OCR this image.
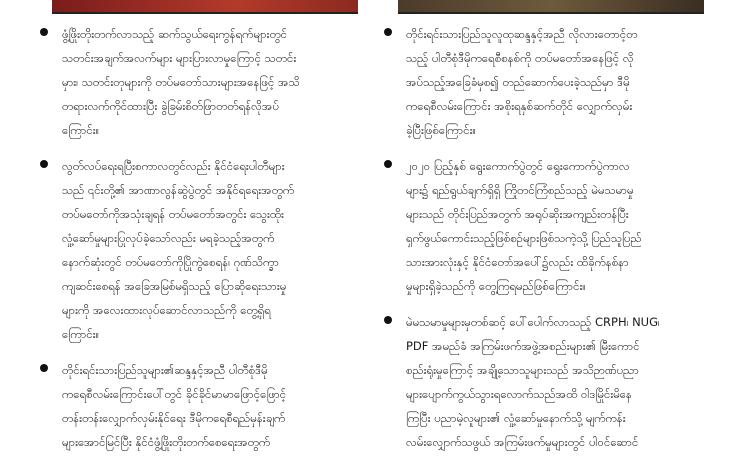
ဖွံ့ဖြိုးတိုးတက်လာသည့် ဆက်သွယ်ရေးကွန်ရက်များတွင်
သတင်းအချက်အလက်များ များပြားလာမှုကြောင့် သတင်း
မှား၊ သတင်းတုများကို တပ်မတော်သားများအနေဖြင့် အသိ
တရားလက်ကိုင်ထားပြီး ခွဲခြမ်းစိတ်ဖြာတတ်ရန်လိုအပ်
ကြောင်း။

လွတ်လပ်ရေးရပြီးစကာလတွင်လည်း နိုင်ငံရေးပါတီများ
သည် ၎င်းတို့၏ အာဏာလွန်ဆွဲပွဲတွင် အနိုင်ရရေးအတွက်
တပ်မတော်ကိုအသုံးချရန် တပ်မတော်အတွင်း သွေးထိုး
လှုံ့ဆော်မှုများပြုလုပ်ခဲ့သော်လည်း မရခဲ့သည့်အတွက်
နောက်ဆုံးတွင် တပ်မတော်ကိုပြိုကွဲစေရန်၊ ဂုဏ်သိက္ခာ
ကျဆင်းစေရန် အခြေအမြစ်မရှိသည့် ပြောဆိုရေးသားမှု
များကို အလေးထားလုပ်ဆောင်လာသည်ကို တွေ့ရှိရ
ကြောင်း။

တိုင်းရင်းသားပြည်သူများ၏ဆန္ဒနှင့်အညီ ပါတီစုံဒီမို
ကရေစီလမ်းကြောင်းပေါ်တွင် ခိုင်ခိုင်မာမာဖြောင့်ဖြောင့်
တန်းတန်းလျှောက်လှမ်းနိုင်ရေး ဒီမိုကရေစီရည်မှန်းချက်
များအောင်မြင်ပြီး နိုင်ငံဖွံ့ဖြိုးတိုးတက်စေရေးအတွက်

တိုင်းရင်းသားပြည်သူလူထုဆန္ဒနှင့်အညီ လိုလားတောင့်တ
သည့် ပါတီစုံဒီမိုကရေစီစနစ်ကို တပ်မတော်အနေဖြင့် လို
အပ်သည့်အခြေခံမှစ၍ တည်ဆောက်ပေးခဲ့သည်မှာ ဒီမို
ကရေစီလမ်းကြောင်း အစိုးရနှစ်ဆက်တိုင် လျှောက်လှမ်း
ခဲ့ပြီးဖြစ်ကြောင်း။

၂၀၂၀ ပြည့်နှစ် ရွေးကောက်ပွဲတွင် ရွေးကောက်ပွဲကာလ
များ၌ ရည်ရွယ်ချက်ရှိရှိ ကြိုတင်ကြံစည်သည့် မဲမသမာမှု
များသည် တိုင်းပြည်အတွက် အရုပ်ဆိုးအကျည်းတန်ပြီး
ရှက်ဖွယ်ကောင်းသည့်ဖြစ်စဉ်များဖြစ်သကဲ့သို့ ပြည်သူပြည်
သားအားလုံးနှင့် နိုင်ငံတော်အပေါ်၌လည်း ထိခိုက်နစ်နာ
မှုများရှိခဲ့သည်ကို တွေ့ကြရမည်ဖြစ်ကြောင်း။

မဲမသမာမှုများမှတစ်ဆင့် ပေါ်ပေါက်လာသည့် CRPH၊ NUG၊
PDF အမည်ခံ အကြမ်းဖက်အဖွဲ့အစည်းများ၏ မြီးကောင်
စည်းရုံးမှုကြောင့် အချို့သောသူများသည် အသိဉာဏ်ပညာ
များပျောက်ကွယ်သွားရလောက်သည်အထိ ဝါဒမြိုင်းမိနေ
ကြပြီး ပညာမဲ့လူများ၏ လှုံ့ဆော်မှုနောက်သို့ မျက်ကန်း
လမ်းလျှောက်သဖွယ် အကြမ်းဖက်မှုများတွင် ပါဝင်ဆောင်
